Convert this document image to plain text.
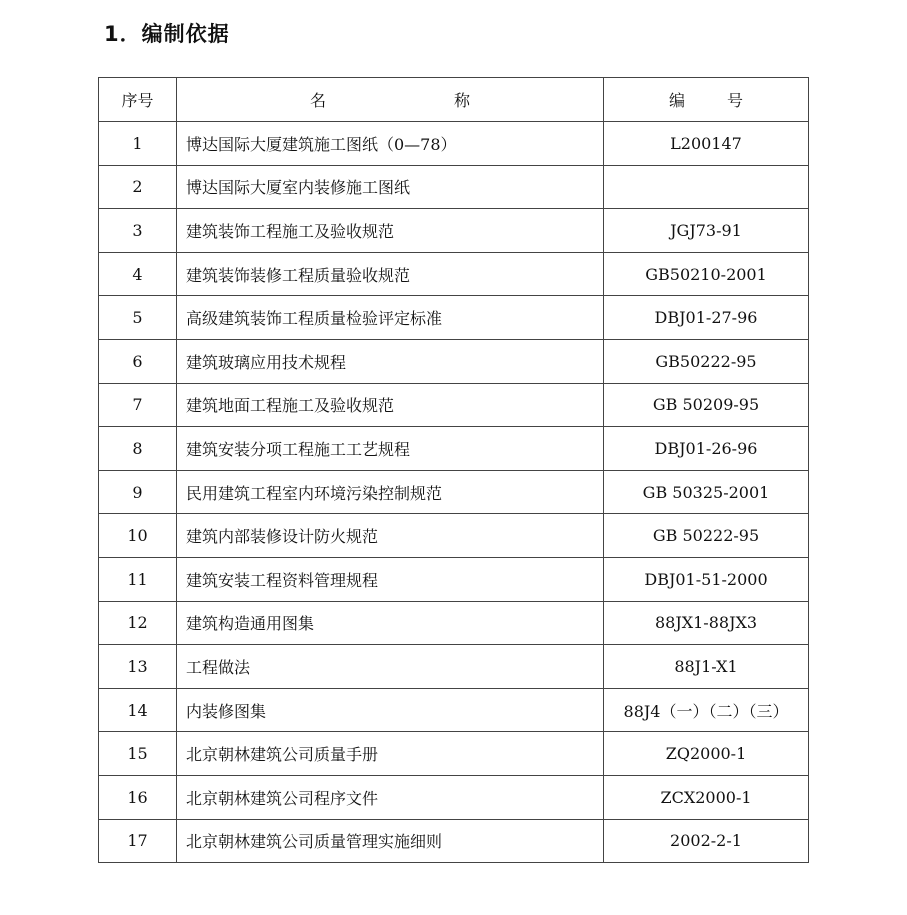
1．编制依据
序号	名 称	编 号

1	博达国际大厦建筑施工图纸（0—78）	L200147
2	博达国际大厦室内装修施工图纸	
3	建筑装饰工程施工及验收规范	JGJ73-91
4	建筑装饰装修工程质量验收规范	GB50210-2001
5	高级建筑装饰工程质量检验评定标准	DBJ01-27-96
6	建筑玻璃应用技术规程	GB50222-95
7	建筑地面工程施工及验收规范	GB 50209-95
8	建筑安装分项工程施工工艺规程	DBJ01-26-96
9	民用建筑工程室内环境污染控制规范	GB 50325-2001
10	建筑内部装修设计防火规范	GB 50222-95
11	建筑安装工程资料管理规程	DBJ01-51-2000
12	建筑构造通用图集	88JX1-88JX3
13	工程做法	88J1-X1
14	内装修图集	88J4（一）（二）（三）
15	北京朝林建筑公司质量手册	ZQ2000-1
16	北京朝林建筑公司程序文件	ZCX2000-1
17	北京朝林建筑公司质量管理实施细则	2002-2-1
